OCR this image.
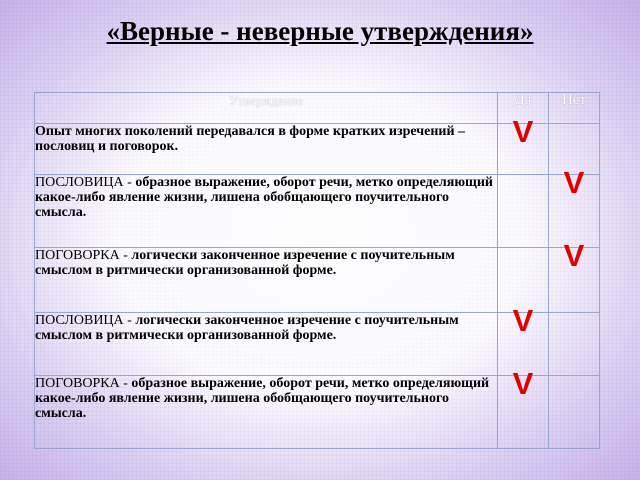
«Верные - неверные утверждения»
Утверждение	Да	Нет
Опыт многих поколений передавался в форме кратких изречений – пословиц и поговорок.	V	

ПОСЛОВИЦА - образное выражение, оборот речи, метко определяющий какое-либо явление жизни, лишена обобщающего поучительного смысла.		V

ПОГОВОРКА - логически законченное изречение с поучительным смыслом в ритмически организованной форме.		V

ПОСЛОВИЦА - логически законченное изречение с поучительным смыслом в ритмически организованной форме.	V	

ПОГОВОРКА - образное выражение, оборот речи, метко определяющий какое-либо явление жизни, лишена обобщающего поучительного смысла.	V	
